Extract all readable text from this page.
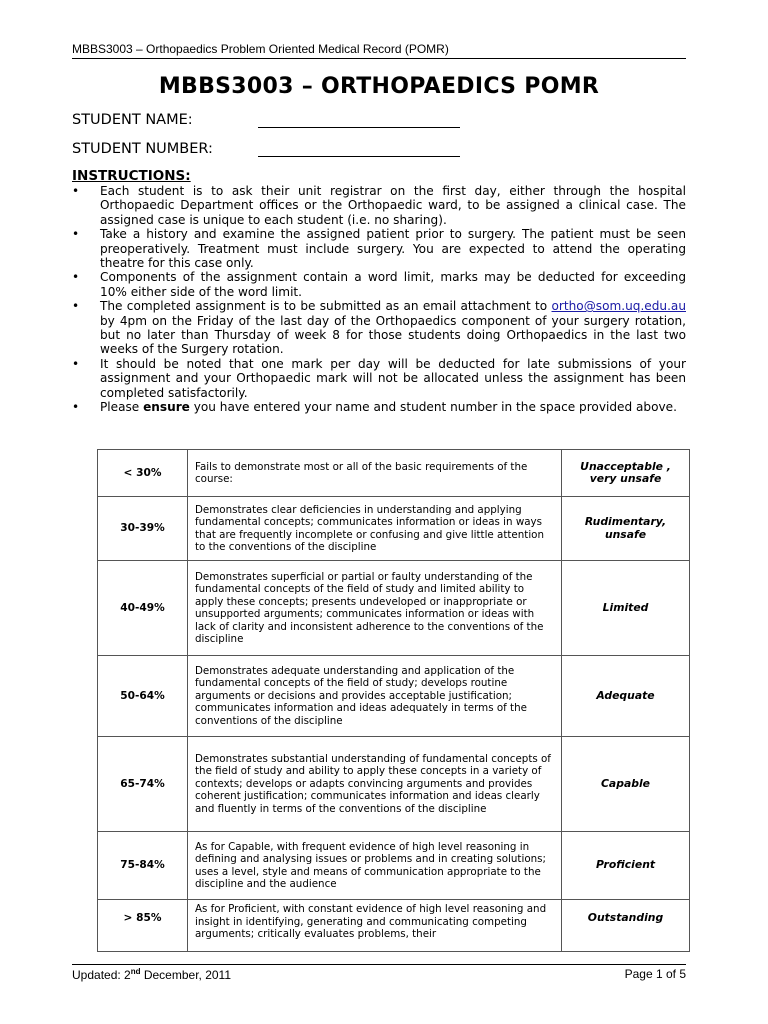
MBBS3003 – Orthopaedics Problem Oriented Medical Record (POMR)
MBBS3003 – ORTHOPAEDICS POMR
STUDENT NAME:
STUDENT NUMBER:
INSTRUCTIONS:
• Each student is to ask their unit registrar on the first day, either through the hospital Orthopaedic Department offices or the Orthopaedic ward, to be assigned a clinical case. The assigned case is unique to each student (i.e. no sharing).
• Take a history and examine the assigned patient prior to surgery. The patient must be seen preoperatively. Treatment must include surgery. You are expected to attend the operating theatre for this case only.
• Components of the assignment contain a word limit, marks may be deducted for exceeding 10% either side of the word limit.
• The completed assignment is to be submitted as an email attachment to ortho@som.uq.edu.au by 4pm on the Friday of the last day of the Orthopaedics component of your surgery rotation, but no later than Thursday of week 8 for those students doing Orthopaedics in the last two weeks of the Surgery rotation.
• It should be noted that one mark per day will be deducted for late submissions of your assignment and your Orthopaedic mark will not be allocated unless the assignment has been completed satisfactorily.
• Please ensure you have entered your name and student number in the space provided above.
< 30%	Fails to demonstrate most or all of the basic requirements of the course:	Unacceptable , very unsafe
30-39%	Demonstrates clear deficiencies in understanding and applying fundamental concepts; communicates information or ideas in ways that are frequently incomplete or confusing and give little attention to the conventions of the discipline	Rudimentary, unsafe
40-49%	Demonstrates superficial or partial or faulty understanding of the fundamental concepts of the field of study and limited ability to apply these concepts; presents undeveloped or inappropriate or unsupported arguments; communicates information or ideas with lack of clarity and inconsistent adherence to the conventions of the discipline	Limited
50-64%	Demonstrates adequate understanding and application of the fundamental concepts of the field of study; develops routine arguments or decisions and provides acceptable justification; communicates information and ideas adequately in terms of the conventions of the discipline	Adequate
65-74%	Demonstrates substantial understanding of fundamental concepts of the field of study and ability to apply these concepts in a variety of contexts; develops or adapts convincing arguments and provides coherent justification; communicates information and ideas clearly and fluently in terms of the conventions of the discipline	Capable
75-84%	As for Capable, with frequent evidence of high level reasoning in defining and analysing issues or problems and in creating solutions; uses a level, style and means of communication appropriate to the discipline and the audience	Proficient
> 85%	As for Proficient, with constant evidence of high level reasoning and insight in identifying, generating and communicating competing arguments; critically evaluates problems, their	Outstanding
Updated: 2nd December, 2011	Page 1 of 5
